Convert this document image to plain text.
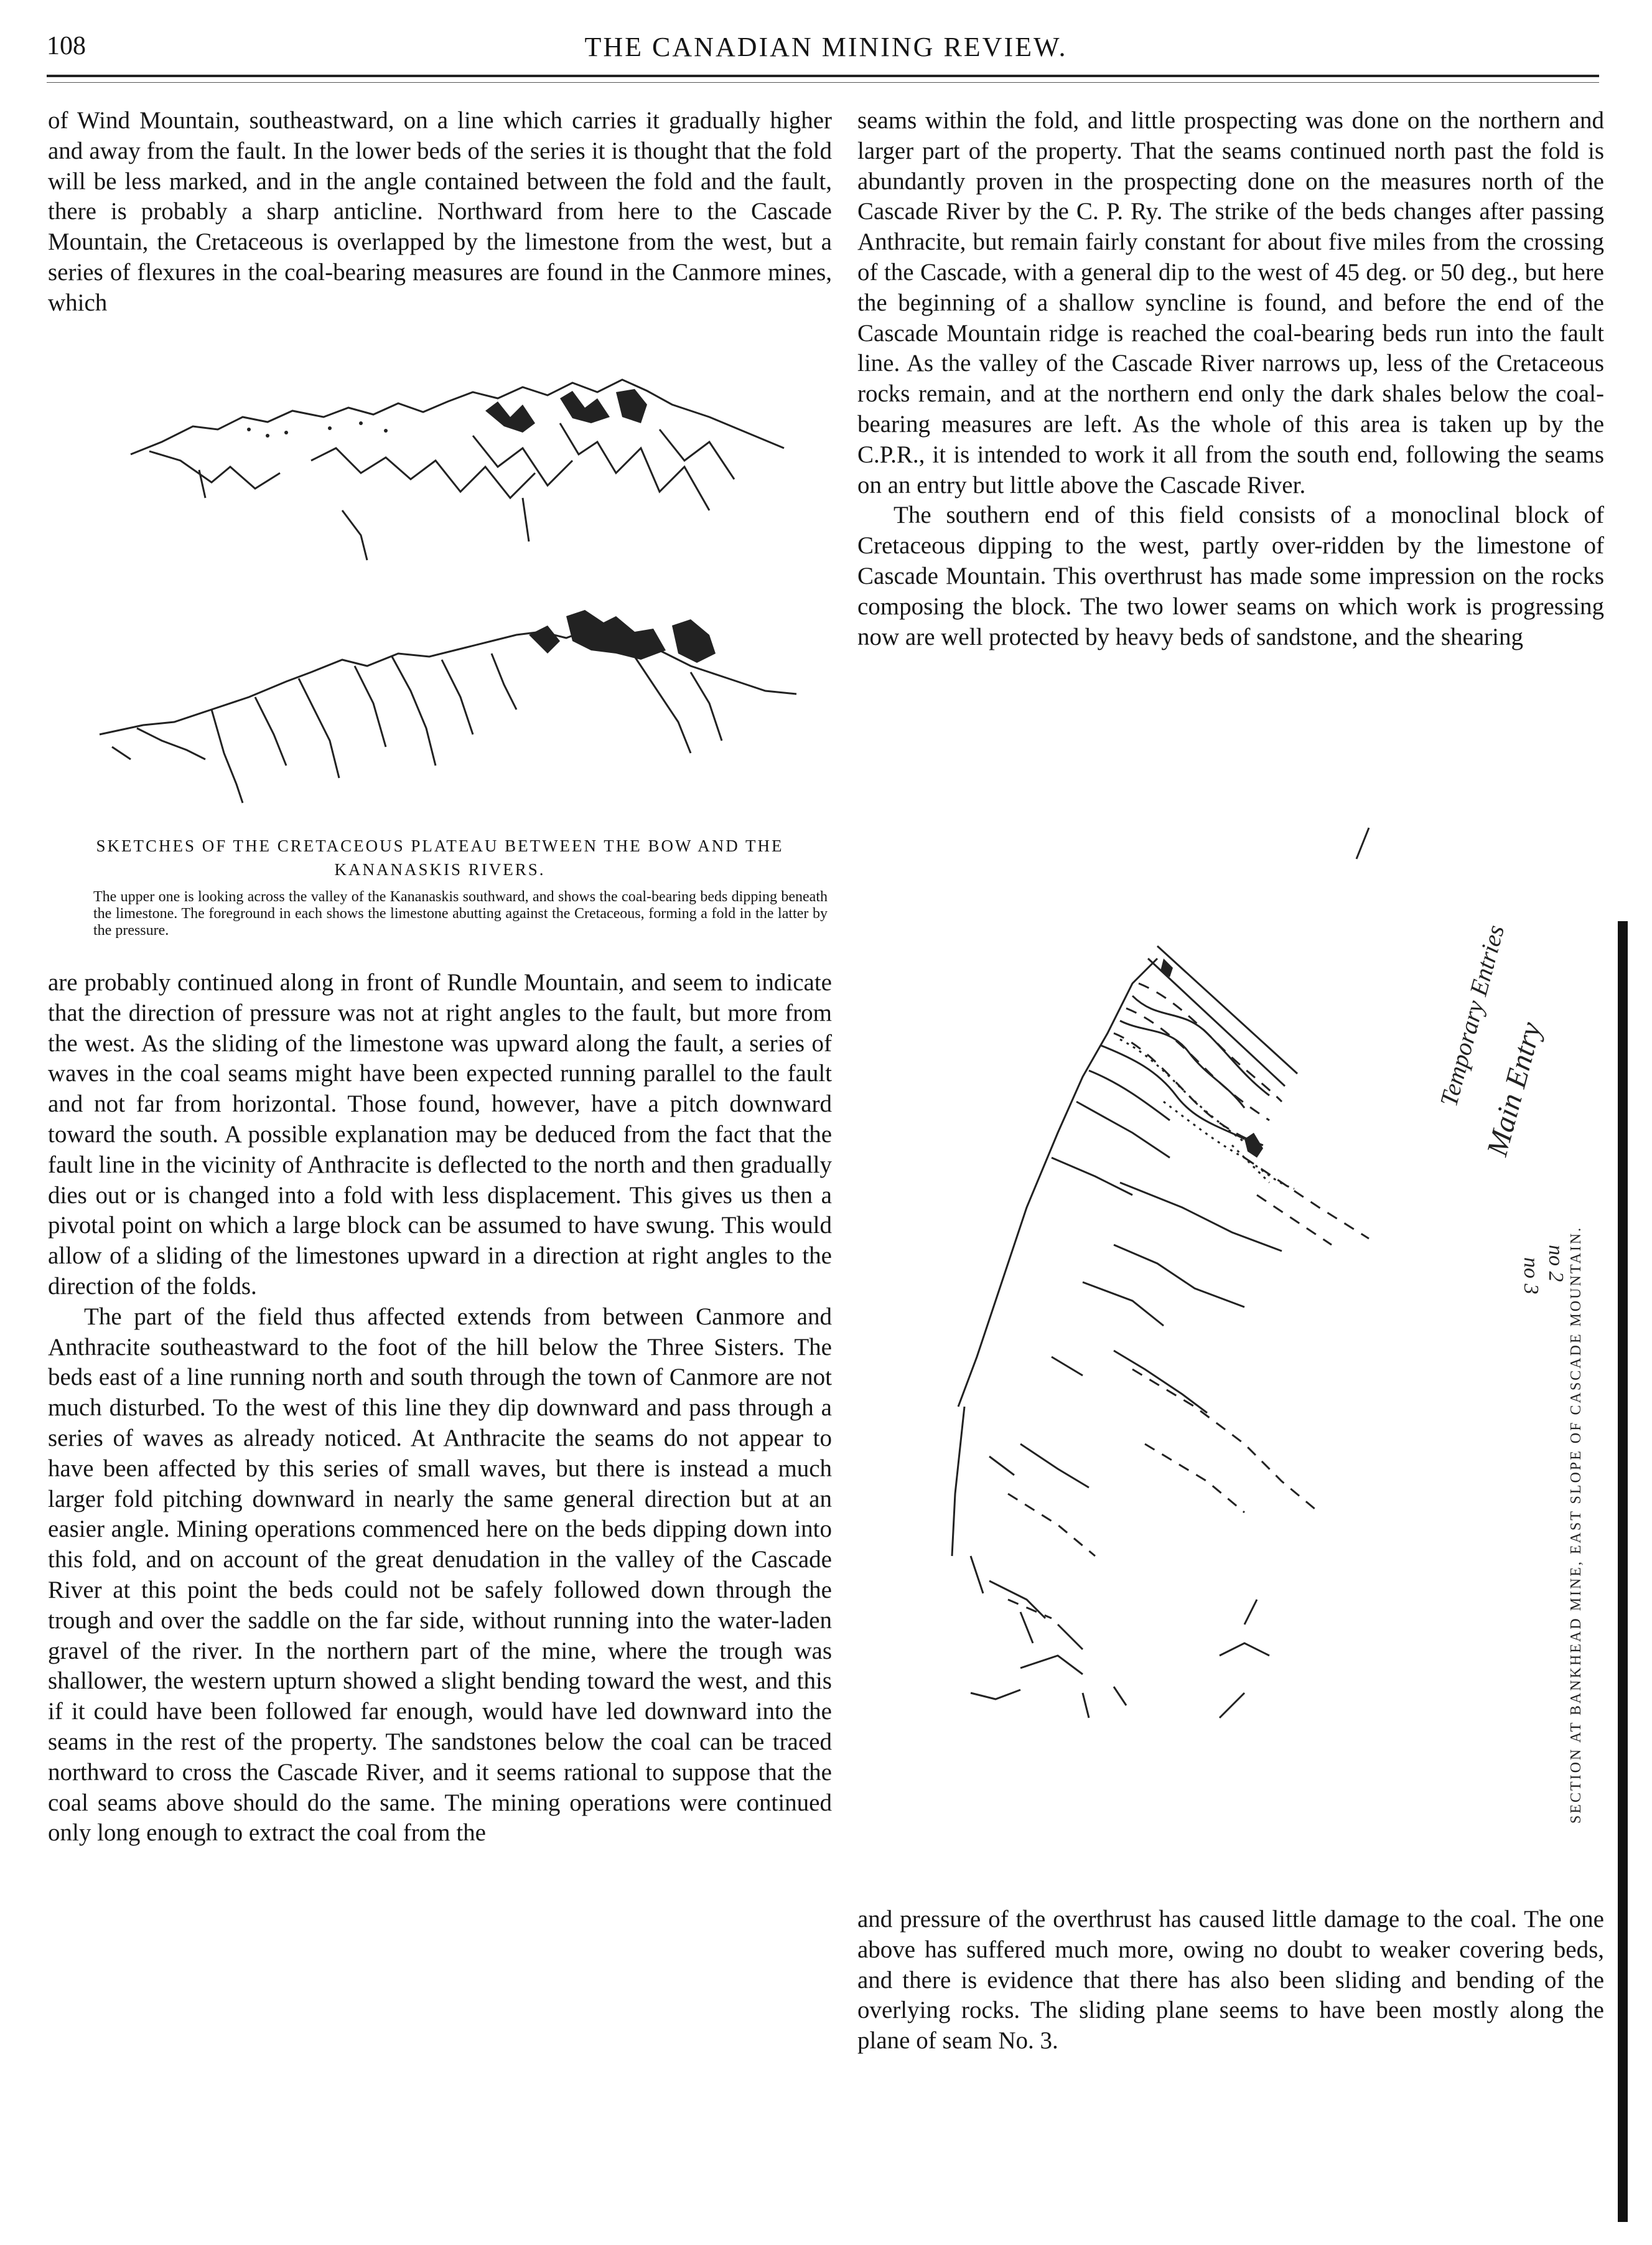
108	THE CANADIAN MINING REVIEW.

of Wind Mountain, southeastward, on a line which carries it gradually higher and away from the fault. In the lower beds of the series it is thought that the fold will be less marked, and in the angle contained between the fold and the fault, there is probably a sharp anticline. Northward from here to the Cascade Mountain, the Cretaceous is overlapped by the limestone from the west, but a series of flexures in the coal-bearing measures are found in the Canmore mines, which

SKETCHES OF THE CRETACEOUS PLATEAU BETWEEN THE BOW AND THE KANANASKIS RIVERS.
The upper one is looking across the valley of the Kananaskis southward, and shows the coal-bearing beds dipping beneath the limestone. The foreground in each shows the limestone abutting against the Cretaceous, forming a fold in the latter by the pressure.

are probably continued along in front of Rundle Mountain, and seem to indicate that the direction of pressure was not at right angles to the fault, but more from the west. As the sliding of the limestone was upward along the fault, a series of waves in the coal seams might have been expected running parallel to the fault and not far from horizontal. Those found, however, have a pitch downward toward the south. A possible explanation may be deduced from the fact that the fault line in the vicinity of Anthracite is deflected to the north and then gradually dies out or is changed into a fold with less displacement. This gives us then a pivotal point on which a large block can be assumed to have swung. This would allow of a sliding of the limestones upward in a direction at right angles to the direction of the folds.

The part of the field thus affected extends from between Canmore and Anthracite southeastward to the foot of the hill below the Three Sisters. The beds east of a line running north and south through the town of Canmore are not much disturbed. To the west of this line they dip downward and pass through a series of waves as already noticed. At Anthracite the seams do not appear to have been affected by this series of small waves, but there is instead a much larger fold pitching downward in nearly the same general direction but at an easier angle. Mining operations commenced here on the beds dipping down into this fold, and on account of the great denudation in the valley of the Cascade River at this point the beds could not be safely followed down through the trough and over the saddle on the far side, without running into the water-laden gravel of the river. In the northern part of the mine, where the trough was shallower, the western upturn showed a slight bending toward the west, and this if it could have been followed far enough, would have led downward into the seams in the rest of the property. The sandstones below the coal can be traced northward to cross the Cascade River, and it seems rational to suppose that the coal seams above should do the same. The mining operations were continued only long enough to extract the coal from the

seams within the fold, and little prospecting was done on the northern and larger part of the property. That the seams continued north past the fold is abundantly proven in the prospecting done on the measures north of the Cascade River by the C. P. Ry. The strike of the beds changes after passing Anthracite, but remain fairly constant for about five miles from the crossing of the Cascade, with a general dip to the west of 45 deg. or 50 deg., but here the beginning of a shallow syncline is found, and before the end of the Cascade Mountain ridge is reached the coal-bearing beds run into the fault line. As the valley of the Cascade River narrows up, less of the Cretaceous rocks remain, and at the northern end only the dark shales below the coal-bearing measures are left. As the whole of this area is taken up by the C.P.R., it is intended to work it all from the south end, following the seams on an entry but little above the Cascade River.

The southern end of this field consists of a monoclinal block of Cretaceous dipping to the west, partly over-ridden by the limestone of Cascade Mountain. This overthrust has made some impression on the rocks composing the block. The two lower seams on which work is progressing now are well protected by heavy beds of sandstone, and the shearing

Temporary Entries
Main Entry
no 3 no 2 SECTION AT BANKHEAD MINE, EAST SLOPE OF CASCADE MOUNTAIN.

and pressure of the overthrust has caused little damage to the coal. The one above has suffered much more, owing no doubt to weaker covering beds, and there is evidence that there has also been sliding and bending of the overlying rocks. The sliding plane seems to have been mostly along the plane of seam No. 3.
